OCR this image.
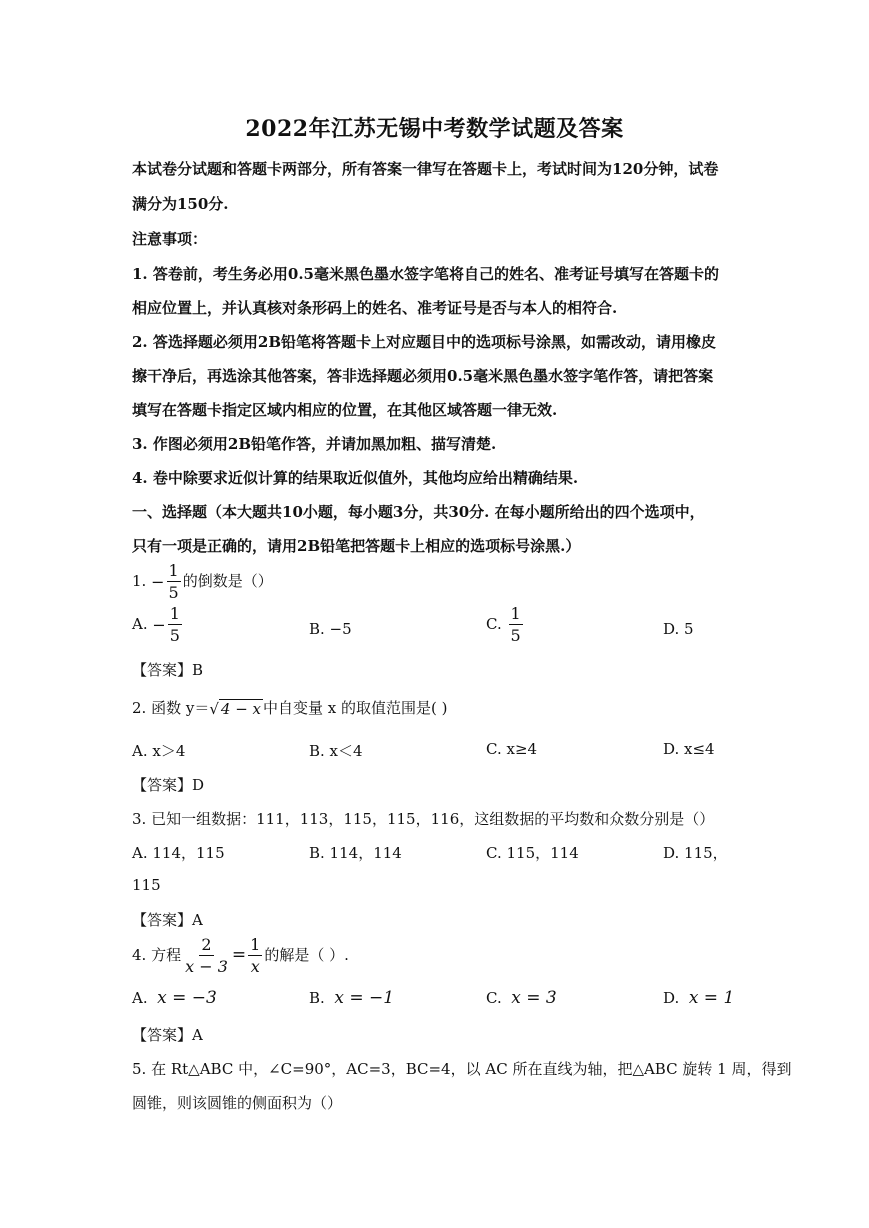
2022年江苏无锡中考数学试题及答案
本试卷分试题和答题卡两部分，所有答案一律写在答题卡上，考试时间为120分钟，试卷
满分为150分.
注意事项：
1. 答卷前，考生务必用0.5毫米黑色墨水签字笔将自己的姓名、准考证号填写在答题卡的
相应位置上，并认真核对条形码上的姓名、准考证号是否与本人的相符合.
2. 答选择题必须用2B铅笔将答题卡上对应题目中的选项标号涂黑，如需改动，请用橡皮
擦干净后，再选涂其他答案，答非选择题必须用0.5毫米黑色墨水签字笔作答，请把答案
填写在答题卡指定区域内相应的位置，在其他区域答题一律无效.
3. 作图必须用2B铅笔作答，并请加黑加粗、描写清楚.
4. 卷中除要求近似计算的结果取近似值外，其他均应给出精确结果.
一、选择题（本大题共10小题，每小题3分，共30分. 在每小题所给出的四个选项中，
只有一项是正确的，请用2B铅笔把答题卡上相应的选项标号涂黑.）
1. − $\frac{1}{5}$ 的倒数是（）
A. − $\frac{1}{5}$	B. −5	C. $\frac{1}{5}$	D. 5
【答案】B
2. 函数 y＝√ 4 − x 中自变量 x 的取值范围是( )
A. x＞4	B. x＜4	C. x≥4	D. x≤4
【答案】D
3. 已知一组数据：111，113，115，115，116，这组数据的平均数和众数分别是（）
A. 114，115	B. 114，114	C. 115，114	D. 115，
115
【答案】A
4. 方程 $\frac{2}{x - 3} = \frac{1}{x}$ 的解是（ ）.
A. x = −3	B. x = −1	C. x = 3	D. x = 1
【答案】A
5. 在 Rt△ABC 中，∠C=90°，AC=3，BC=4，以 AC 所在直线为轴，把△ABC 旋转 1 周，得到
圆锥，则该圆锥的侧面积为（）
